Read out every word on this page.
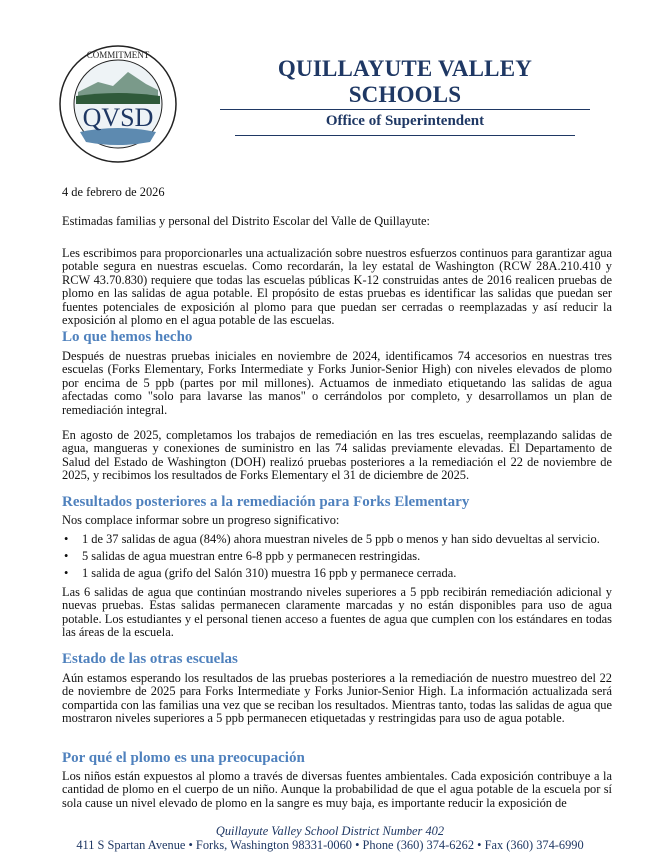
QVSD
COMMITMENT
QUILLAYUTE VALLEY SCHOOLS
Office of Superintendent
4 de febrero de 2026
Estimadas familias y personal del Distrito Escolar del Valle de Quillayute:
Les escribimos para proporcionarles una actualización sobre nuestros esfuerzos continuos para garantizar agua potable segura en nuestras escuelas. Como recordarán, la ley estatal de Washington (RCW 28A.210.410 y RCW 43.70.830) requiere que todas las escuelas públicas K-12 construidas antes de 2016 realicen pruebas de plomo en las salidas de agua potable. El propósito de estas pruebas es identificar las salidas que puedan ser fuentes potenciales de exposición al plomo para que puedan ser cerradas o reemplazadas y así reducir la exposición al plomo en el agua potable de las escuelas.
Lo que hemos hecho
Después de nuestras pruebas iniciales en noviembre de 2024, identificamos 74 accesorios en nuestras tres escuelas (Forks Elementary, Forks Intermediate y Forks Junior-Senior High) con niveles elevados de plomo por encima de 5 ppb (partes por mil millones). Actuamos de inmediato etiquetando las salidas de agua afectadas como "solo para lavarse las manos" o cerrándolos por completo, y desarrollamos un plan de remediación integral.
En agosto de 2025, completamos los trabajos de remediación en las tres escuelas, reemplazando salidas de agua, mangueras y conexiones de suministro en las 74 salidas previamente elevadas. El Departamento de Salud del Estado de Washington (DOH) realizó pruebas posteriores a la remediación el 22 de noviembre de 2025, y recibimos los resultados de Forks Elementary el 31 de diciembre de 2025.
Resultados posteriores a la remediación para Forks Elementary
Nos complace informar sobre un progreso significativo:
• 1 de 37 salidas de agua (84%) ahora muestran niveles de 5 ppb o menos y han sido devueltas al servicio.
• 5 salidas de agua muestran entre 6-8 ppb y permanecen restringidas.
• 1 salida de agua (grifo del Salón 310) muestra 16 ppb y permanece cerrada.
Las 6 salidas de agua que continúan mostrando niveles superiores a 5 ppb recibirán remediación adicional y nuevas pruebas. Estas salidas permanecen claramente marcadas y no están disponibles para uso de agua potable. Los estudiantes y el personal tienen acceso a fuentes de agua que cumplen con los estándares en todas las áreas de la escuela.
Estado de las otras escuelas
Aún estamos esperando los resultados de las pruebas posteriores a la remediación de nuestro muestreo del 22 de noviembre de 2025 para Forks Intermediate y Forks Junior-Senior High. La información actualizada será compartida con las familias una vez que se reciban los resultados. Mientras tanto, todas las salidas de agua que mostraron niveles superiores a 5 ppb permanecen etiquetadas y restringidas para uso de agua potable.
Por qué el plomo es una preocupación
Los niños están expuestos al plomo a través de diversas fuentes ambientales. Cada exposición contribuye a la cantidad de plomo en el cuerpo de un niño. Aunque la probabilidad de que el agua potable de la escuela por sí sola cause un nivel elevado de plomo en la sangre es muy baja, es importante reducir la exposición de
Quillayute Valley School District Number 402
411 S Spartan Avenue • Forks, Washington 98331-0060 • Phone (360) 374-6262 • Fax (360) 374-6990
